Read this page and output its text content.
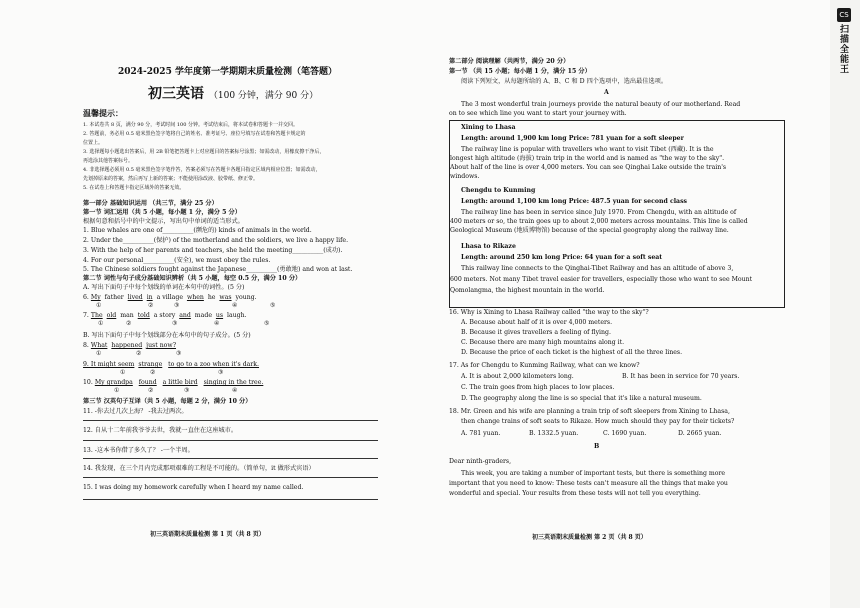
CS
扫描全能王
2024-2025 学年度第一学期期末质量检测（笔答题）
初三英语 （100 分钟，满分 90 分）
温馨提示：
1. 本试卷共 8 页，满分 90 分，考试时间 100 分钟。考试结束后，将本试卷和答题卡一并交回。
2. 答题前，务必用 0.5 毫米黑色签字笔将自己的姓名、准考证号、座位号填写在试卷和答题卡规定的
位置上。
3. 选择题每小题选出答案后，用 2B 铅笔把答题卡上对应题目的答案标号涂黑；如需改动，用橡皮擦干净后，
再选涂其他答案标号。
4. 非选择题必须用 0.5 毫米黑色签字笔作答，答案必须写在答题卡各题目指定区域内相应位置；如需改动，
先划掉原来的答案，然后再写上新的答案；不能使用涂改液、胶带纸、修正带。
5. 在试卷上和答题卡指定区域外的答案无效。
第一部分 基础知识运用 （共三节，满分 25 分）
第一节 词汇运用（共 5 小题，每小题 1 分，满分 5 分）
根据句意和括号中的中文提示，写出句中单词的适当形式。
1. Blue whales are one of__________(濒危的) kinds of animals in the world.
2. Under the__________(保护) of the motherland and the soldiers, we live a happy life.
3. With the help of her parents and teachers, she held the meeting__________(成功).
4. For our personal__________(安全), we must obey the rules.
5. The Chinese soldiers fought against the Japanese__________(勇敢地) and won at last.
第二节 词性与句子成分基础知识辨析（共 5 小题，每空 0.5 分，满分 10 分）
A. 写出下面句子中每个划线的单词在本句中的词性。(5 分)
6. My father lived in a village when he was young.
①	②	③	④	⑤
7. The old man told a story and made us laugh.
①	②	③	④	⑤
B. 写出下面句子中每个划线部分在本句中的句子成分。(5 分)
8. What happened just now?
①	②	③
9. It might seem strange to go to a zoo when it's dark.
①	②	③
10. My grandpa found a little bird singing in the tree.
①	②	③	④
第三节 汉英句子互译（共 5 小题，每题 2 分，满分 10 分）
11. -你去过几次上海？ -我去过两次。
12. 自从十二年前我爷爷去世，我就一直住在这座城市。
13. -这本书你借了多久了？ -一个半周。
14. 我发现，在三个月内完成那项艰难的工程是不可能的。（简单句，it 做形式宾语）
15. I was doing my homework carefully when I heard my name called.
初三英语期末质量检测 第 1 页（共 8 页）
第二部分 阅读理解（共两节，满分 20 分）
第一节 （共 15 小题；每小题 1 分，满分 15 分）
阅读下列短文，从每题所给的 A、B、C 和 D 四个选项中，选出最佳选项。
A
The 3 most wonderful train journeys provide the natural beauty of our motherland. Read
on to see which line you want to start your journey with.
Xining to Lhasa
Length: around 1,900 km long Price: 781 yuan for a soft sleeper
The railway line is popular with travellers who want to visit Tibet (西藏). It is the
longest high altitude (海拔) train trip in the world and is named as "the way to the sky".
About half of the line is over 4,000 meters. You can see Qinghai Lake outside the train's
windows.
Chengdu to Kunming
Length: around 1,100 km long Price: 487.5 yuan for second class
The railway line has been in service since July 1970. From Chengdu, with an altitude of
400 meters or so, the train goes up to about 2,000 meters across mountains. This line is called
Geological Museum (地质博物馆) because of the special geography along the railway line.
Lhasa to Rikaze
Length: around 250 km long Price: 64 yuan for a soft seat
This railway line connects to the Qinghai-Tibet Railway and has an altitude of above 3,
600 meters. Not many Tibet travel easier for travellers, especially those who want to see Mount
Qomolangma, the highest mountain in the world.
16. Why is Xining to Lhasa Railway called "the way to the sky"?
A. Because about half of it is over 4,000 meters.
B. Because it gives travellers a feeling of flying.
C. Because there are many high mountains along it.
D. Because the price of each ticket is the highest of all the three lines.
17. As for Chengdu to Kunming Railway, what can we know?
A. It is about 2,000 kilometers long.	B. It has been in service for 70 years.
C. The train goes from high places to low places.
D. The geography along the line is so special that it's like a natural museum.
18. Mr. Green and his wife are planning a train trip of soft sleepers from Xining to Lhasa,
then change trains of soft seats to Rikaze. How much should they pay for their tickets?
A. 781 yuan.	B. 1332.5 yuan.	C. 1690 yuan.	D. 2665 yuan.
B
Dear ninth-graders,
This week, you are taking a number of important tests, but there is something more
important that you need to know: These tests can't measure all the things that make you
wonderful and special. Your results from these tests will not tell you everything.
初三英语期末质量检测 第 2 页（共 8 页）
